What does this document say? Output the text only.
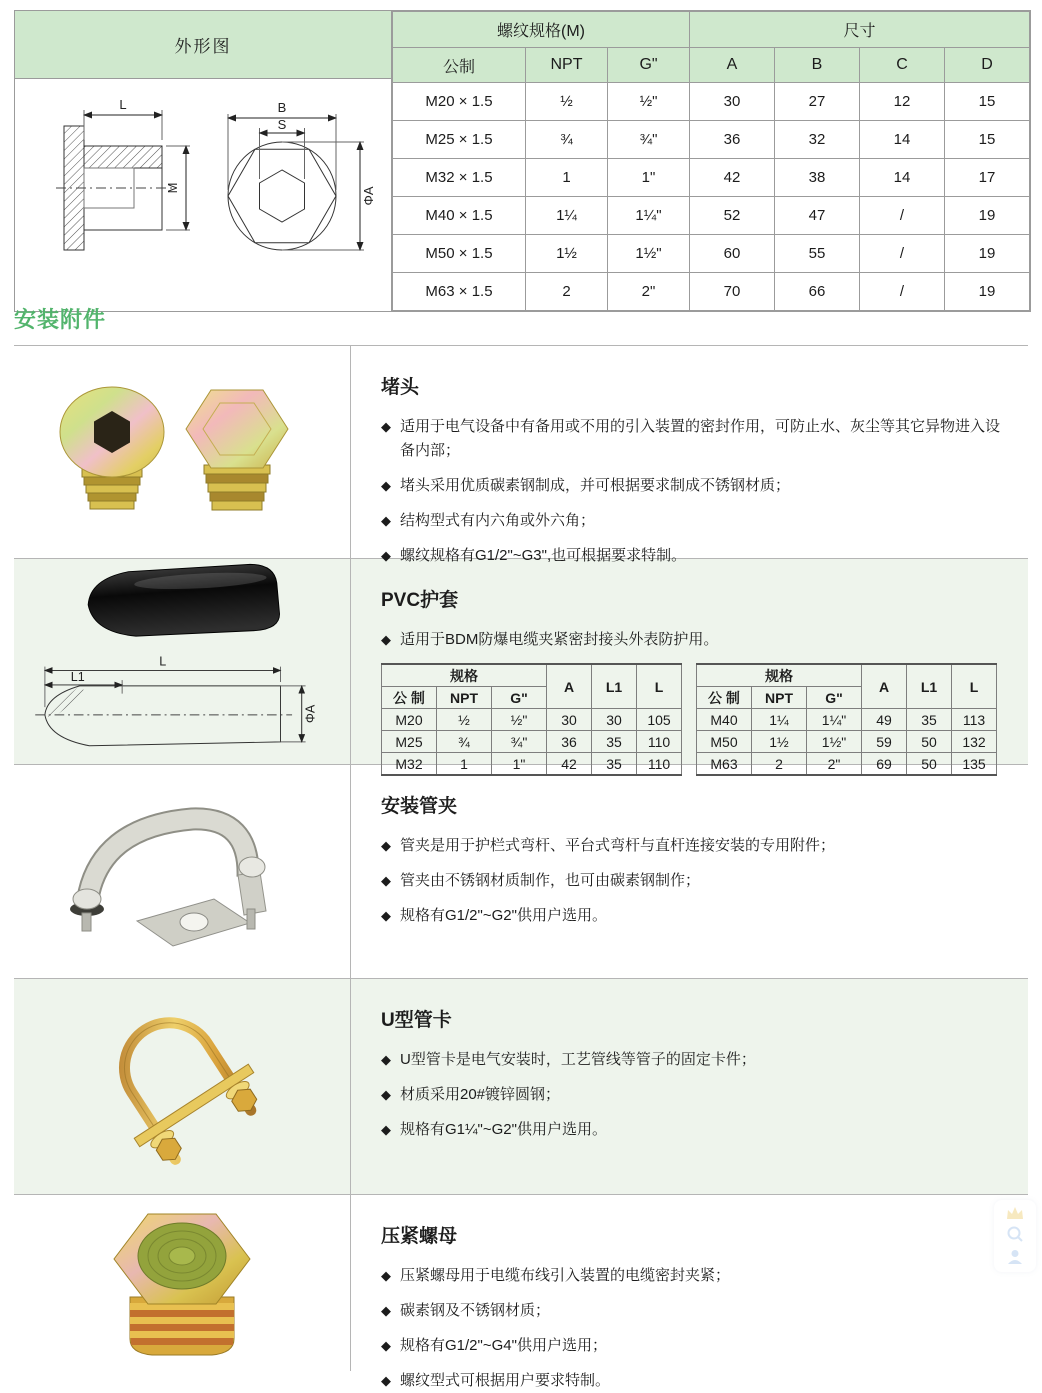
外形图
L
M
B
S
ΦA
螺纹规格(M)			尺寸			
公制	NPT	G"	A	B	C	D
M20 × 1.5	½	½"	30	27	12	15
M25 × 1.5	¾	¾"	36	32	14	15
M32 × 1.5	1	1"	42	38	14	17
M40 × 1.5	1¼	1¼"	52	47	/	19
M50 × 1.5	1½	1½"	60	55	/	19
M63 × 1.5	2	2"	70	66	/	19
安装附件
堵头
◆ 适用于电气设备中有备用或不用的引入装置的密封作用，可防止水、灰尘等其它异物进入设备内部；
◆ 堵头采用优质碳素钢制成，并可根据要求制成不锈钢材质；
◆ 结构型式有内六角或外六角；
◆ 螺纹规格有G1/2"~G3",也可根据要求特制。
L
L1
ΦA
PVC护套
◆ 适用于BDM防爆电缆夹紧密封接头外表防护用。
规格			A	L1	L
公 制	NPT	G"			
M20	½	½"	30	30	105
M25	¾	¾"	36	35	110
M32	1	1"	42	35	110
规格			A	L1	L
公 制	NPT	G"			
M40	1¼	1¼"	49	35	113
M50	1½	1½"	59	50	132
M63	2	2"	69	50	135
安装管夹
◆ 管夹是用于护栏式弯杆、平台式弯杆与直杆连接安装的专用附件；
◆ 管夹由不锈钢材质制作，也可由碳素钢制作；
◆ 规格有G1/2"~G2"供用户选用。
U型管卡
◆ U型管卡是电气安装时，工艺管线等管子的固定卡件；
◆ 材质采用20#镀锌圆钢；
◆ 规格有G1¼"~G2"供用户选用。
压紧螺母
◆ 压紧螺母用于电缆布线引入装置的电缆密封夹紧；
◆ 碳素钢及不锈钢材质；
◆ 规格有G1/2"~G4"供用户选用；
◆ 螺纹型式可根据用户要求特制。
